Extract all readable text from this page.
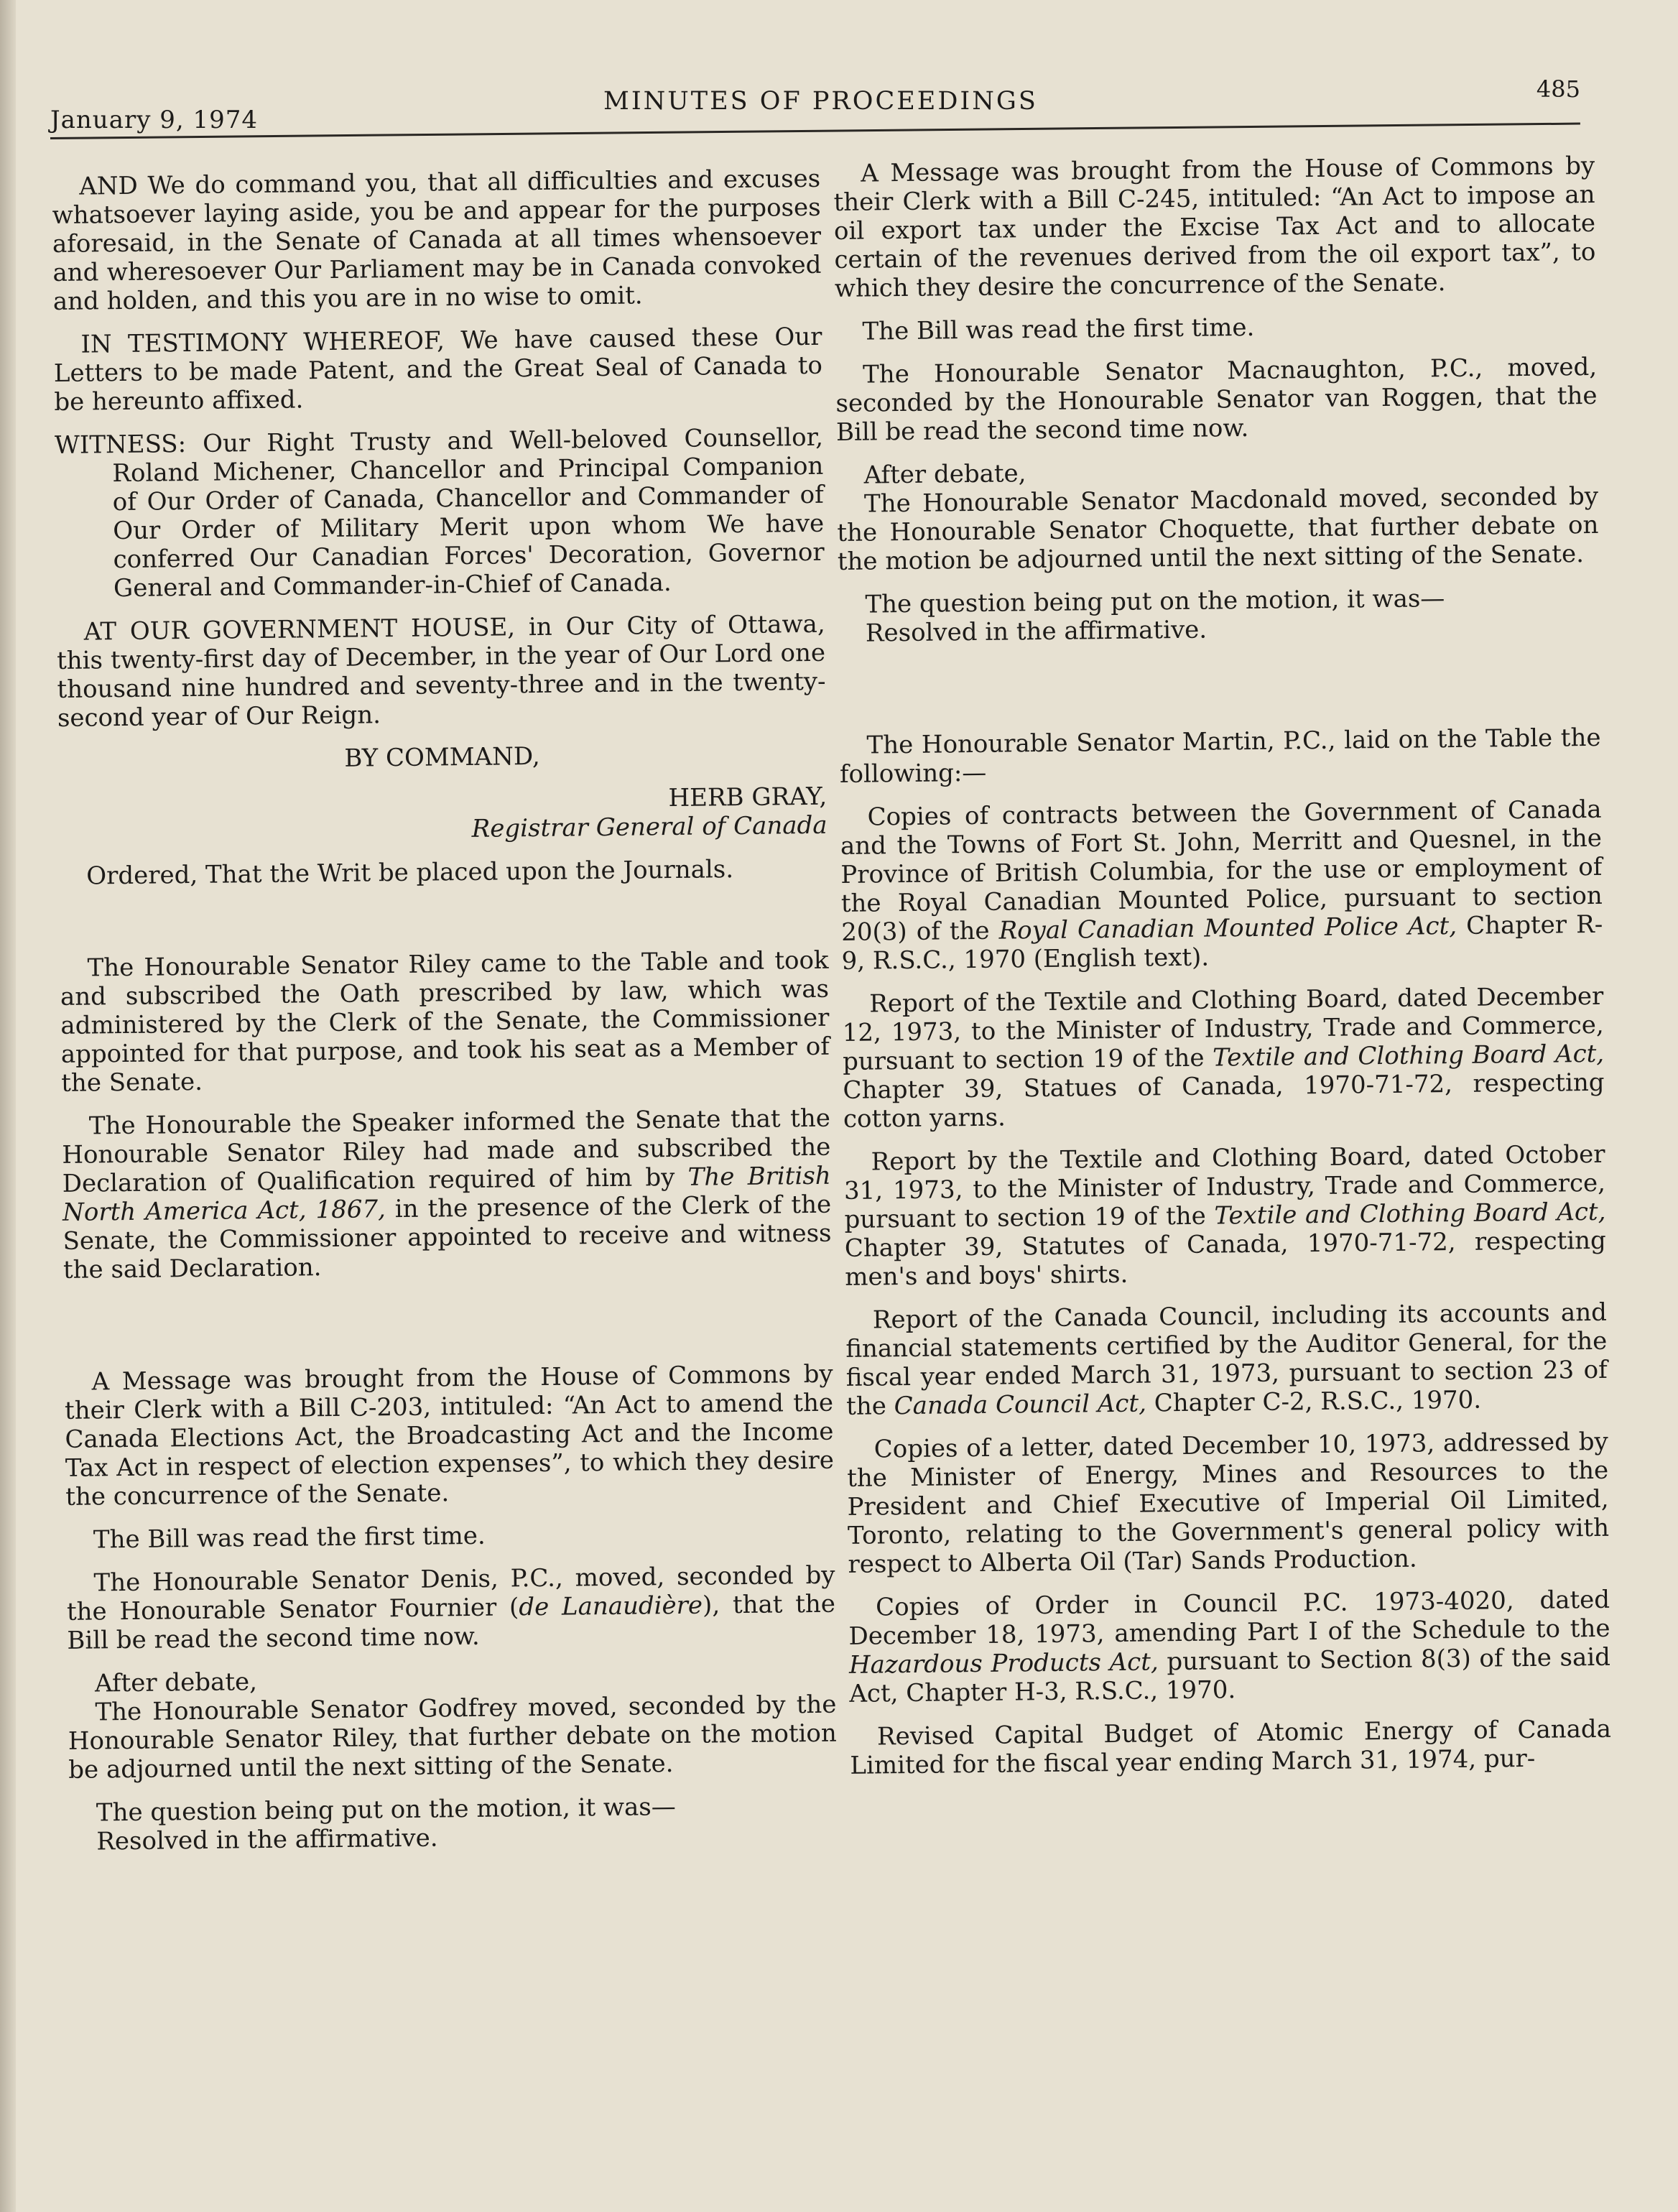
January 9, 1974
MINUTES OF PROCEEDINGS	485

AND We do command you, that all difficulties and excuses whatsoever laying aside, you be and appear for the purposes aforesaid, in the Senate of Canada at all times whensoever and wheresoever Our Parliament may be in Canada convoked and holden, and this you are in no wise to omit.

IN TESTIMONY WHEREOF, We have caused these Our Letters to be made Patent, and the Great Seal of Canada to be hereunto affixed.

WITNESS: Our Right Trusty and Well-beloved Counsellor, Roland Michener, Chancellor and Principal Companion of Our Order of Canada, Chancellor and Commander of Our Order of Military Merit upon whom We have conferred Our Canadian Forces' Decoration, Governor General and Commander-in-Chief of Canada.

AT OUR GOVERNMENT HOUSE, in Our City of Ottawa, this twenty-first day of December, in the year of Our Lord one thousand nine hundred and seventy-three and in the twenty-second year of Our Reign.

BY COMMAND,

HERB GRAY,

Registrar General of Canada

Ordered, That the Writ be placed upon the Journals.

The Honourable Senator Riley came to the Table and took and subscribed the Oath prescribed by law, which was administered by the Clerk of the Senate, the Commissioner appointed for that purpose, and took his seat as a Member of the Senate.

The Honourable the Speaker informed the Senate that the Honourable Senator Riley had made and subscribed the Declaration of Qualification required of him by The British North America Act, 1867, in the presence of the Clerk of the Senate, the Commissioner appointed to receive and witness the said Declaration.

A Message was brought from the House of Commons by their Clerk with a Bill C-203, intituled: “An Act to amend the Canada Elections Act, the Broadcasting Act and the Income Tax Act in respect of election expenses”, to which they desire the concurrence of the Senate.

The Bill was read the first time.

The Honourable Senator Denis, P.C., moved, seconded by the Honourable Senator Fournier (de Lanaudière), that the Bill be read the second time now.

After debate,

The Honourable Senator Godfrey moved, seconded by the Honourable Senator Riley, that further debate on the motion be adjourned until the next sitting of the Senate.

The question being put on the motion, it was—

Resolved in the affirmative.

A Message was brought from the House of Commons by their Clerk with a Bill C-245, intituled: “An Act to impose an oil export tax under the Excise Tax Act and to allocate certain of the revenues derived from the oil export tax”, to which they desire the concurrence of the Senate.

The Bill was read the first time.

The Honourable Senator Macnaughton, P.C., moved, seconded by the Honourable Senator van Roggen, that the Bill be read the second time now.

After debate,

The Honourable Senator Macdonald moved, seconded by the Honourable Senator Choquette, that further debate on the motion be adjourned until the next sitting of the Senate.

The question being put on the motion, it was—

Resolved in the affirmative.

The Honourable Senator Martin, P.C., laid on the Table the following:—

Copies of contracts between the Government of Canada and the Towns of Fort St. John, Merritt and Quesnel, in the Province of British Columbia, for the use or employment of the Royal Canadian Mounted Police, pursuant to section 20(3) of the Royal Canadian Mounted Police Act, Chapter R-9, R.S.C., 1970 (English text).

Report of the Textile and Clothing Board, dated December 12, 1973, to the Minister of Industry, Trade and Commerce, pursuant to section 19 of the Textile and Clothing Board Act, Chapter 39, Statues of Canada, 1970-71-72, respecting cotton yarns.

Report by the Textile and Clothing Board, dated October 31, 1973, to the Minister of Industry, Trade and Commerce, pursuant to section 19 of the Textile and Clothing Board Act, Chapter 39, Statutes of Canada, 1970-71-72, respecting men's and boys' shirts.

Report of the Canada Council, including its accounts and financial statements certified by the Auditor General, for the fiscal year ended March 31, 1973, pursuant to section 23 of the Canada Council Act, Chapter C-2, R.S.C., 1970.

Copies of a letter, dated December 10, 1973, addressed by the Minister of Energy, Mines and Resources to the President and Chief Executive of Imperial Oil Limited, Toronto, relating to the Government's general policy with respect to Alberta Oil (Tar) Sands Production.

Copies of Order in Council P.C. 1973-4020, dated December 18, 1973, amending Part I of the Schedule to the Hazardous Products Act, pursuant to Section 8(3) of the said Act, Chapter H-3, R.S.C., 1970.

Revised Capital Budget of Atomic Energy of Canada Limited for the fiscal year ending March 31, 1974, pur-
